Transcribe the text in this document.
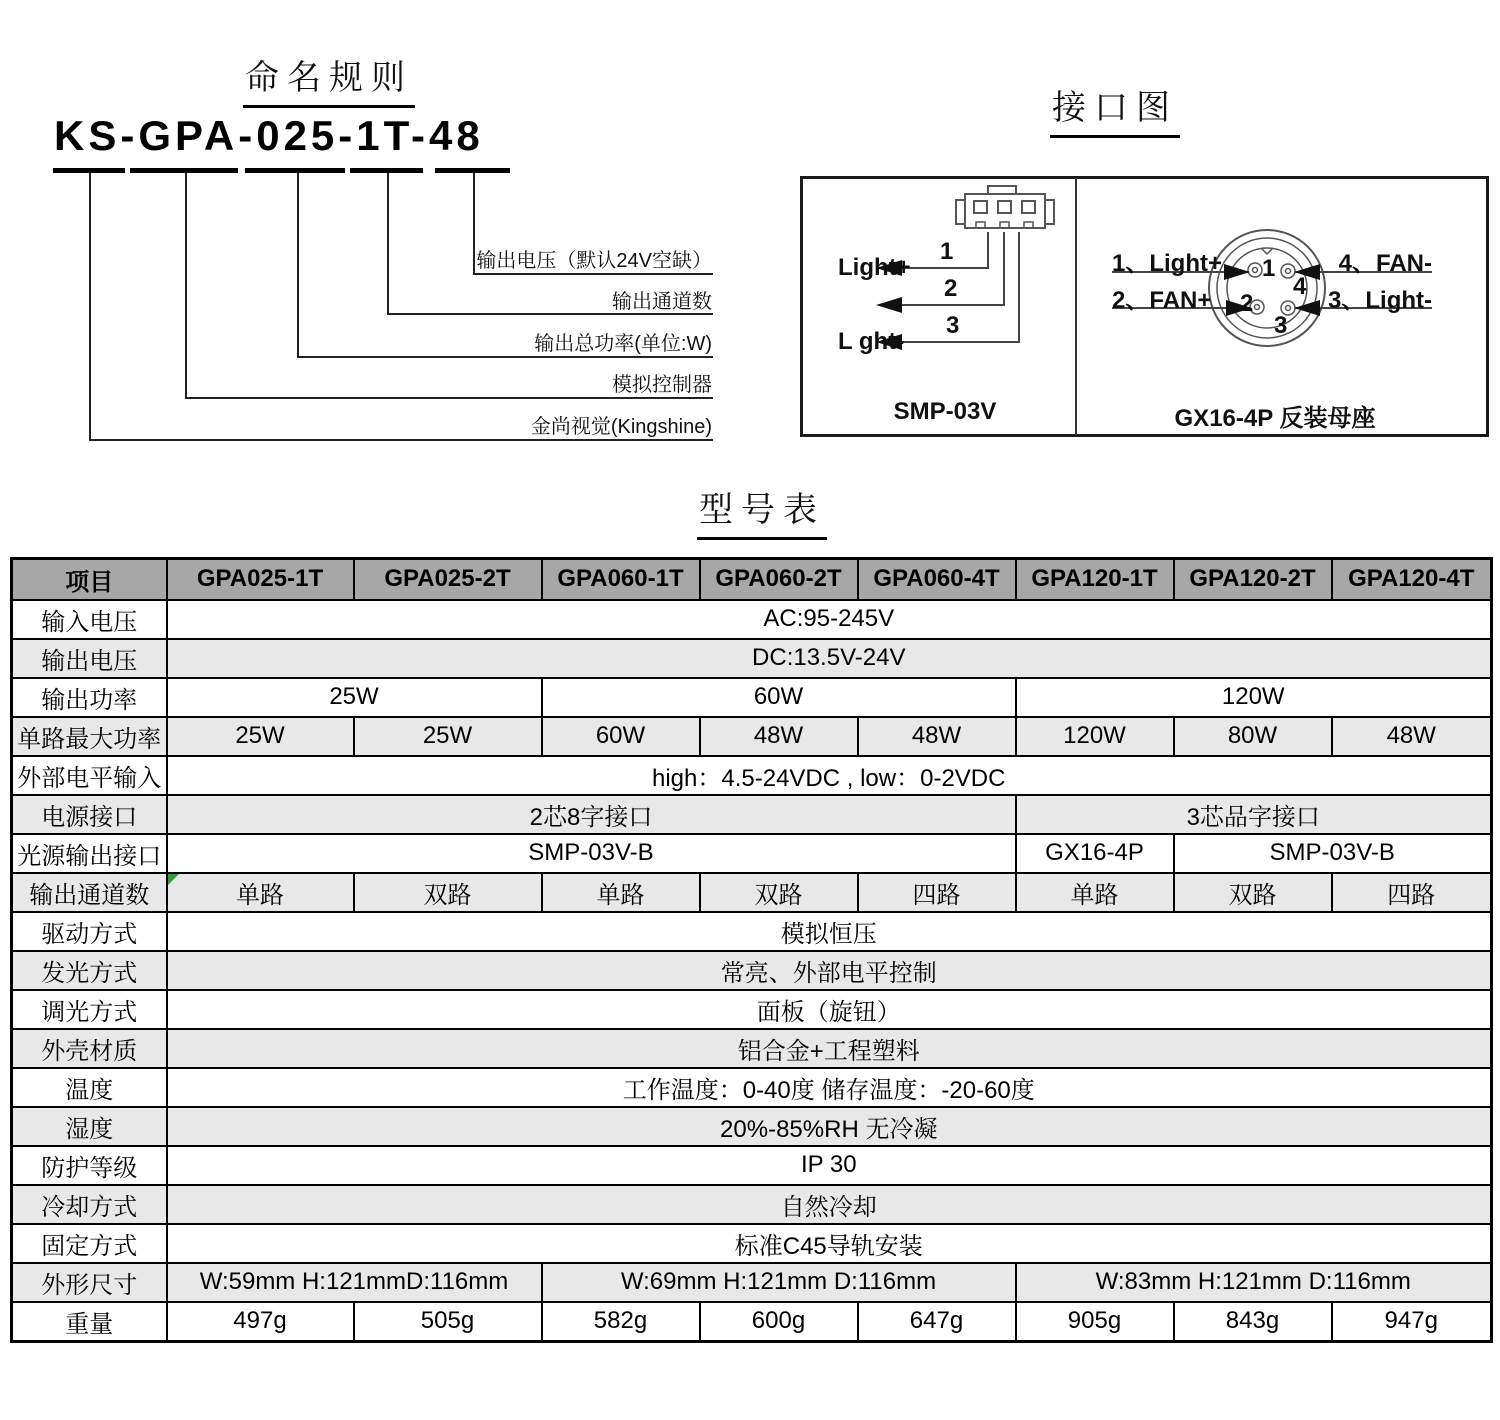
命名规则
KS-GPA-025-1T-48
输出电压（默认24V空缺）
输出通道数
输出总功率(单位:W)
模拟控制器
金尚视觉(Kingshine)
接口图
1
2
3
Light+
L ght-
SMP-03V
1
4
2
3
1、Light+
2、FAN+
4、FAN-
3、Light-
GX16-4P 反装母座
型号表
项目	GPA025-1T	GPA025-2T	GPA060-1T	GPA060-2T	GPA060-4T	GPA120-1T	GPA120-2T	GPA120-4T
输入电压	AC:95-245V							
输出电压	DC:13.5V-24V							
输出功率	25W		60W			120W		
单路最大功率	25W	25W	60W	48W	48W	120W	80W	48W
外部电平输入	high：4.5-24VDC , low：0-2VDC							
电源接口	2芯8字接口					3芯品字接口		
光源输出接口	SMP-03V-B					GX16-4P	SMP-03V-B	
输出通道数	单路	双路	单路	双路	四路	单路	双路	四路
驱动方式	模拟恒压							
发光方式	常亮、外部电平控制							
调光方式	面板（旋钮）							
外壳材质	铝合金+工程塑料							
温度	工作温度：0-40度 储存温度：-20-60度							
湿度	20%-85%RH 无冷凝							
防护等级	IP 30							
冷却方式	自然冷却							
固定方式	标准C45导轨安装							
外形尺寸	W:59mm H:121mmD:116mm		W:69mm H:121mm D:116mm			W:83mm H:121mm D:116mm		
重量	497g	505g	582g	600g	647g	905g	843g	947g
